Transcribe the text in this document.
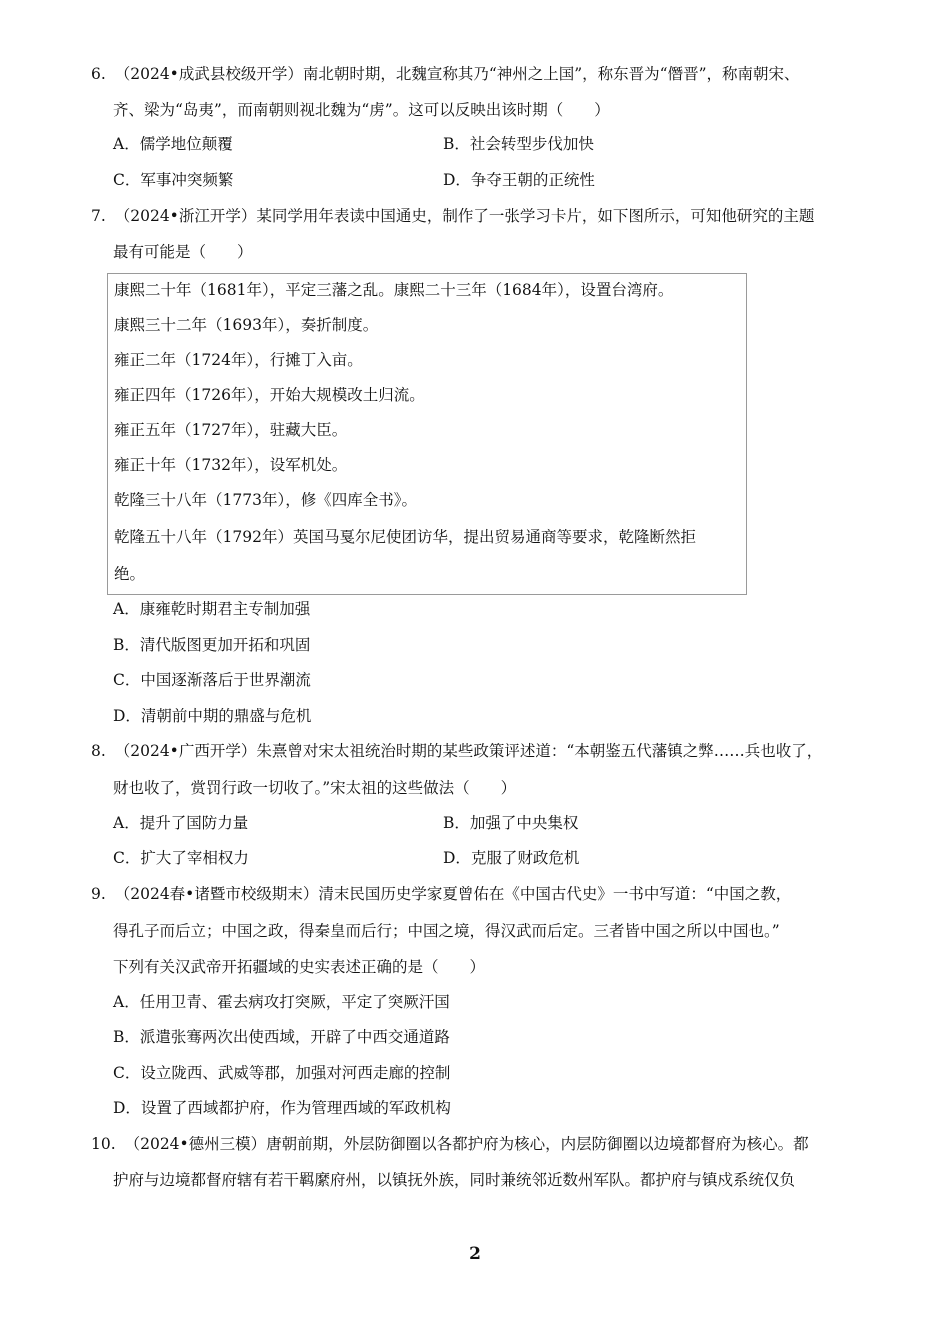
6. （2024•成武县校级开学）南北朝时期，北魏宣称其乃“神州之上国”，称东晋为“僭晋”，称南朝宋、
齐、梁为“岛夷”，而南朝则视北魏为“虏”。这可以反映出该时期（　　）
A．儒学地位颠覆	B．社会转型步伐加快
C．军事冲突频繁	D．争夺王朝的正统性
7. （2024•浙江开学）某同学用年表读中国通史，制作了一张学习卡片，如下图所示，可知他研究的主题
最有可能是（　　）
康熙二十年（1681年），平定三藩之乱。康熙二十三年（1684年），设置台湾府。
康熙三十二年（1693年），奏折制度。
雍正二年（1724年），行摊丁入亩。
雍正四年（1726年），开始大规模改土归流。
雍正五年（1727年），驻藏大臣。
雍正十年（1732年），设军机处。
乾隆三十八年（1773年），修《四库全书》。
乾隆五十八年（1792年）英国马戛尔尼使团访华，提出贸易通商等要求，乾隆断然拒
绝。
A．康雍乾时期君主专制加强
B．清代版图更加开拓和巩固
C．中国逐渐落后于世界潮流
D．清朝前中期的鼎盛与危机
8. （2024•广西开学）朱熹曾对宋太祖统治时期的某些政策评述道：“本朝鉴五代藩镇之弊……兵也收了，
财也收了，赏罚行政一切收了。”宋太祖的这些做法（　　）
A．提升了国防力量	B．加强了中央集权
C．扩大了宰相权力	D．克服了财政危机
9. （2024春•诸暨市校级期末）清末民国历史学家夏曾佑在《中国古代史》一书中写道：“中国之教，
得孔子而后立；中国之政，得秦皇而后行；中国之境，得汉武而后定。三者皆中国之所以中国也。”
下列有关汉武帝开拓疆域的史实表述正确的是（　　）
A．任用卫青、霍去病攻打突厥，平定了突厥汗国
B．派遣张骞两次出使西域，开辟了中西交通道路
C．设立陇西、武威等郡，加强对河西走廊的控制
D．设置了西域都护府，作为管理西域的军政机构
10. （2024•德州三模）唐朝前期，外层防御圈以各都护府为核心，内层防御圈以边境都督府为核心。都
护府与边境都督府辖有若干羁縻府州，以镇抚外族，同时兼统邻近数州军队。都护府与镇戍系统仅负
2
